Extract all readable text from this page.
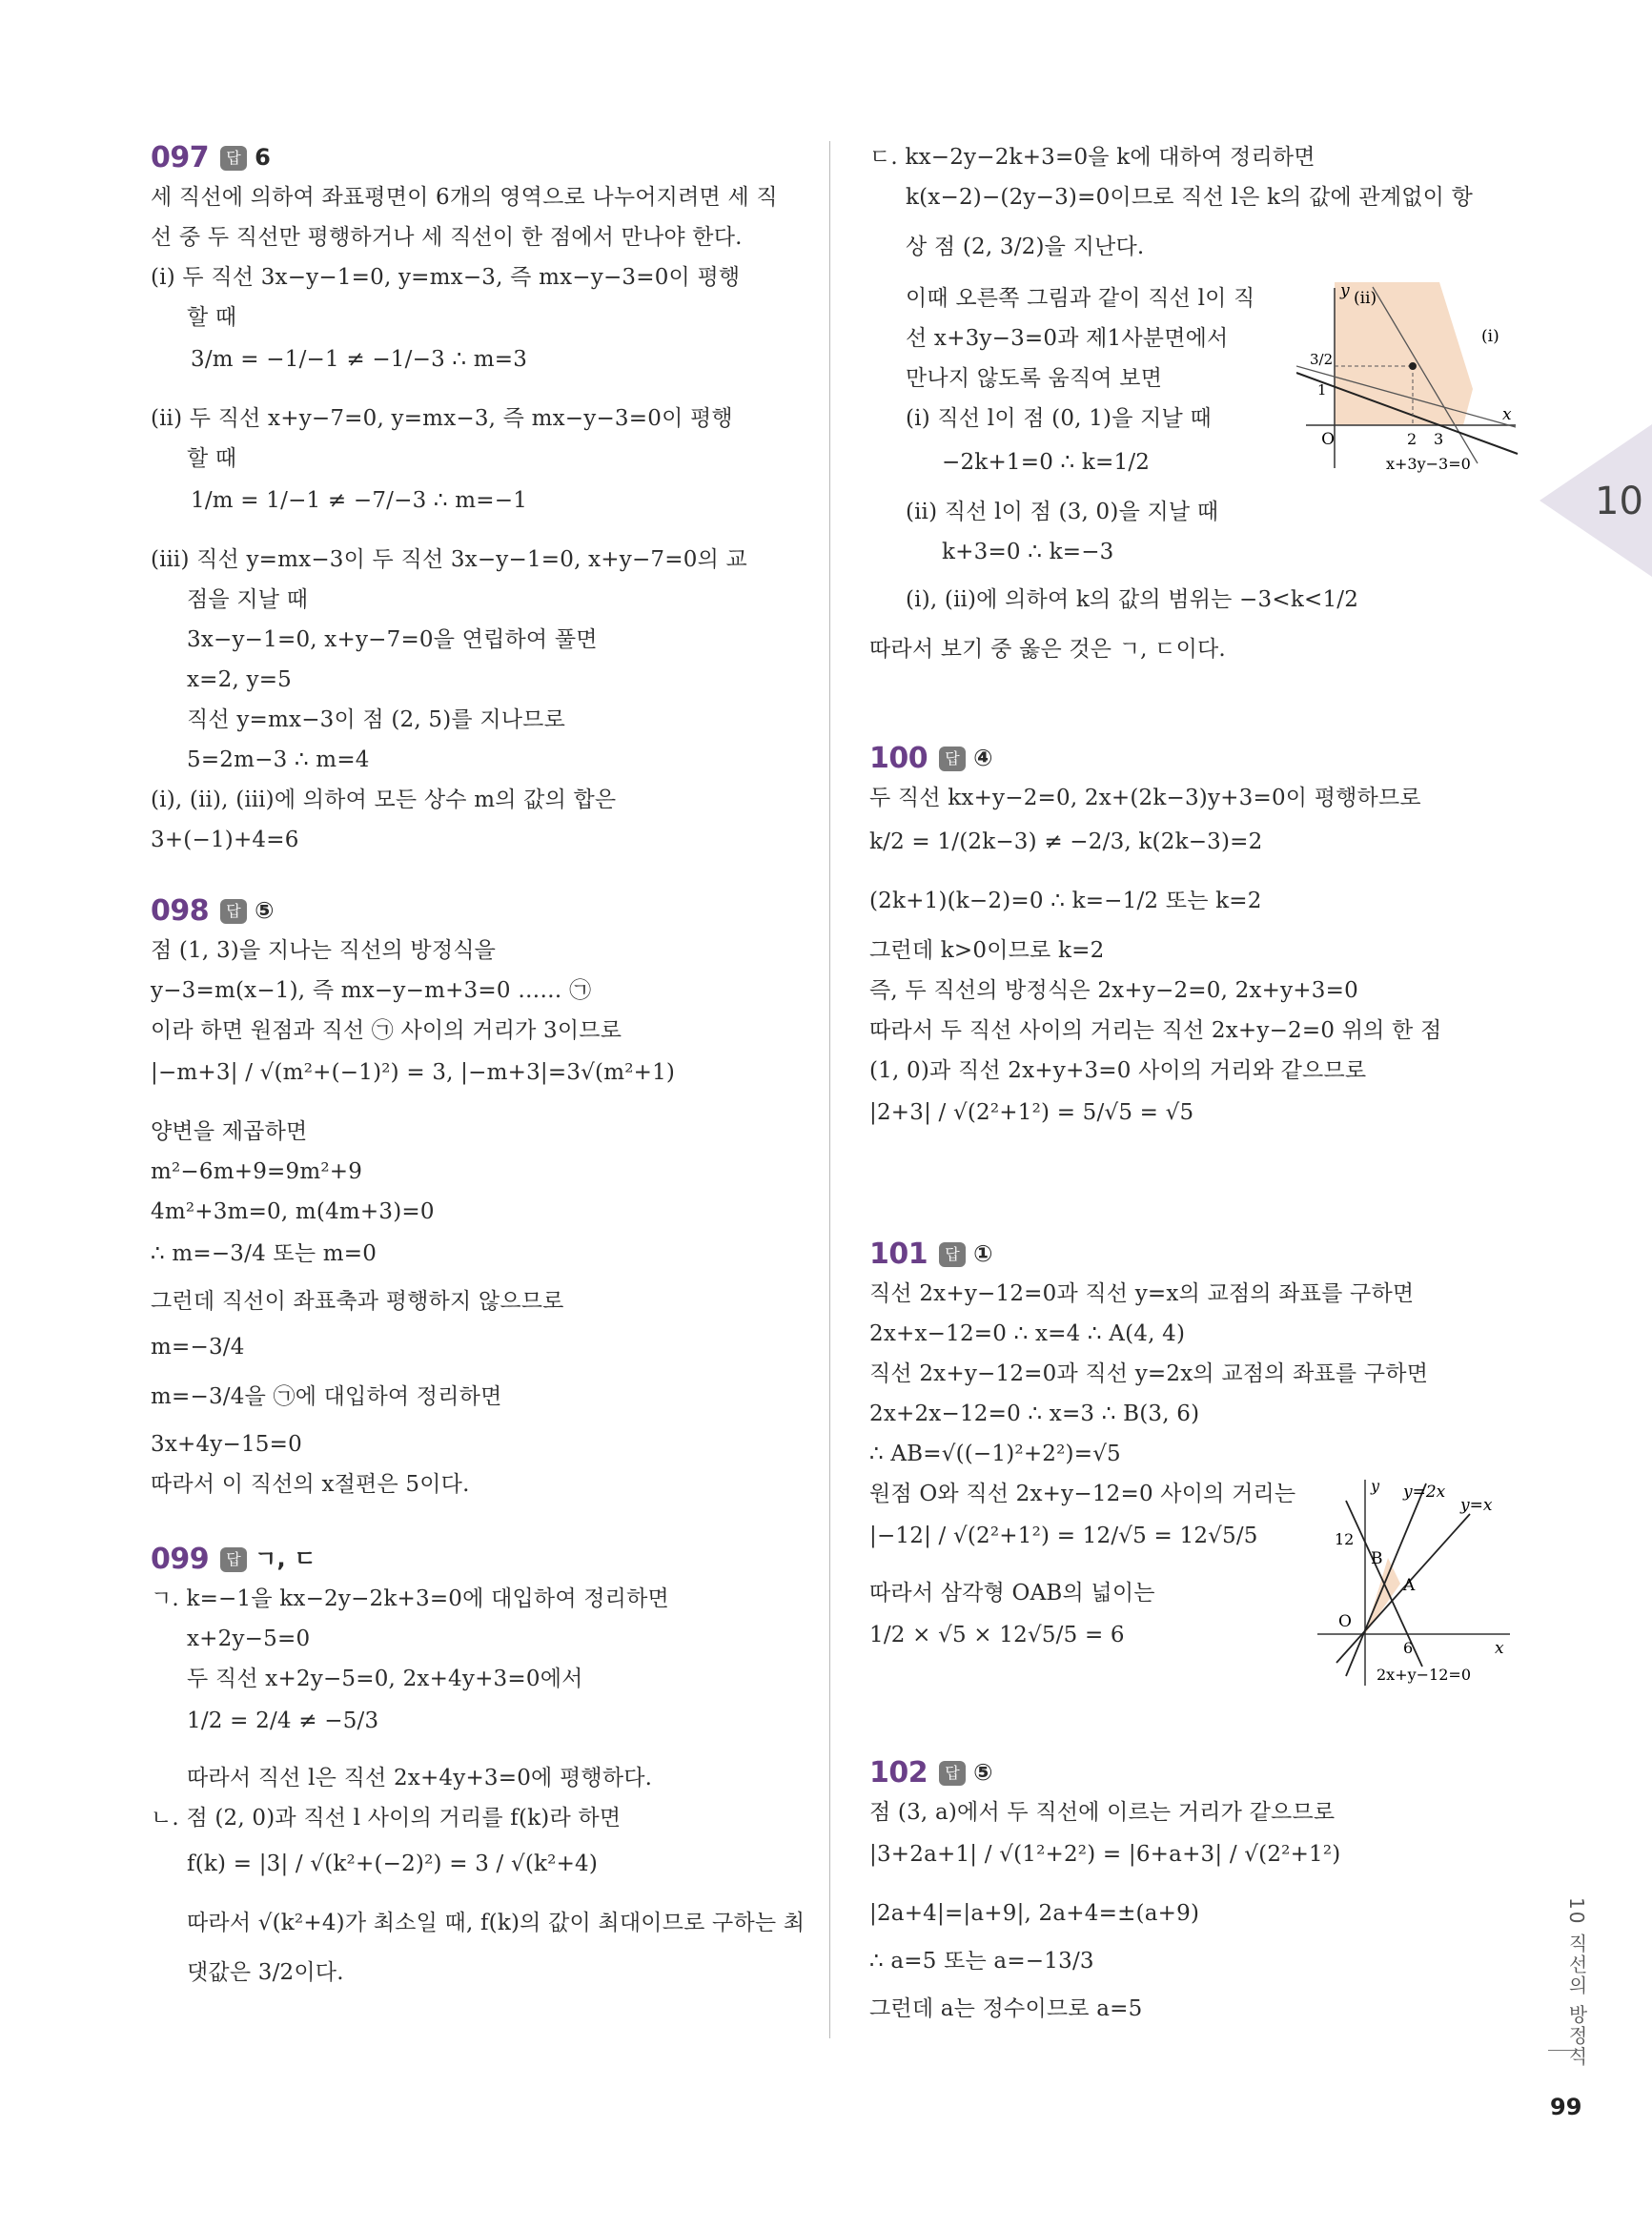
097 답 6
세 직선에 의하여 좌표평면이 6개의 영역으로 나누어지려면 세 직
선 중 두 직선만 평행하거나 세 직선이 한 점에서 만나야 한다.
(ⅰ) 두 직선 3x−y−1=0, y=mx−3, 즉 mx−y−3=0이 평행
할 때
3/m = −1/−1 ≠ −1/−3 ∴ m=3
(ⅱ) 두 직선 x+y−7=0, y=mx−3, 즉 mx−y−3=0이 평행
할 때
1/m = 1/−1 ≠ −7/−3 ∴ m=−1
(ⅲ) 직선 y=mx−3이 두 직선 3x−y−1=0, x+y−7=0의 교
점을 지날 때
3x−y−1=0, x+y−7=0을 연립하여 풀면
x=2, y=5
직선 y=mx−3이 점 (2, 5)를 지나므로
5=2m−3 ∴ m=4
(ⅰ), (ⅱ), (ⅲ)에 의하여 모든 상수 m의 값의 합은
3+(−1)+4=6
098 답 ⑤
점 (1, 3)을 지나는 직선의 방정식을
y−3=m(x−1), 즉 mx−y−m+3=0 …… ㉠
이라 하면 원점과 직선 ㉠ 사이의 거리가 3이므로
|−m+3| / √(m²+(−1)²) = 3, |−m+3|=3√(m²+1)
양변을 제곱하면
m²−6m+9=9m²+9
4m²+3m=0, m(4m+3)=0
∴ m=−3/4 또는 m=0
그런데 직선이 좌표축과 평행하지 않으므로
m=−3/4
m=−3/4을 ㉠에 대입하여 정리하면
3x+4y−15=0
따라서 이 직선의 x절편은 5이다.
099 답 ㄱ, ㄷ
ㄱ. k=−1을 kx−2y−2k+3=0에 대입하여 정리하면
x+2y−5=0
두 직선 x+2y−5=0, 2x+4y+3=0에서
1/2 = 2/4 ≠ −5/3
따라서 직선 l은 직선 2x+4y+3=0에 평행하다.
ㄴ. 점 (2, 0)과 직선 l 사이의 거리를 f(k)라 하면
f(k) = |3| / √(k²+(−2)²) = 3 / √(k²+4)
따라서 √(k²+4)가 최소일 때, f(k)의 값이 최대이므로 구하는 최
댓값은 3/2이다.
ㄷ. kx−2y−2k+3=0을 k에 대하여 정리하면
k(x−2)−(2y−3)=0이므로 직선 l은 k의 값에 관계없이 항
상 점 (2, 3/2)을 지난다.
이때 오른쪽 그림과 같이 직선 l이 직
선 x+3y−3=0과 제1사분면에서
만나지 않도록 움직여 보면
(ⅰ) 직선 l이 점 (0, 1)을 지날 때
−2k+1=0 ∴ k=1/2
(ⅱ) 직선 l이 점 (3, 0)을 지날 때
k+3=0 ∴ k=−3
(ⅰ), (ⅱ)에 의하여 k의 값의 범위는 −3<k<1/2
따라서 보기 중 옳은 것은 ㄱ, ㄷ이다.
100 답 ④
두 직선 kx+y−2=0, 2x+(2k−3)y+3=0이 평행하므로
k/2 = 1/(2k−3) ≠ −2/3, k(2k−3)=2
(2k+1)(k−2)=0 ∴ k=−1/2 또는 k=2
그런데 k>0이므로 k=2
즉, 두 직선의 방정식은 2x+y−2=0, 2x+y+3=0
따라서 두 직선 사이의 거리는 직선 2x+y−2=0 위의 한 점
(1, 0)과 직선 2x+y+3=0 사이의 거리와 같으므로
|2+3| / √(2²+1²) = 5/√5 = √5
101 답 ①
직선 2x+y−12=0과 직선 y=x의 교점의 좌표를 구하면
2x+x−12=0 ∴ x=4 ∴ A(4, 4)
직선 2x+y−12=0과 직선 y=2x의 교점의 좌표를 구하면
2x+2x−12=0 ∴ x=3 ∴ B(3, 6)
∴ AB=√((−1)²+2²)=√5
원점 O와 직선 2x+y−12=0 사이의 거리는
|−12| / √(2²+1²) = 12/√5 = 12√5/5
따라서 삼각형 OAB의 넓이는
1/2 × √5 × 12√5/5 = 6
102 답 ⑤
점 (3, a)에서 두 직선에 이르는 거리가 같으므로
|3+2a+1| / √(1²+2²) = |6+a+3| / √(2²+1²)
|2a+4|=|a+9|, 2a+4=±(a+9)
∴ a=5 또는 a=−13/3
그런데 a는 정수이므로 a=5
y (ⅱ)
(ⅰ)
3/2
1
O	2 3
x
x+3y−3=0
y y=2x
y=x
12
B
A
O
6	x
2x+y−12=0
10
10 직선의 방정식
99
